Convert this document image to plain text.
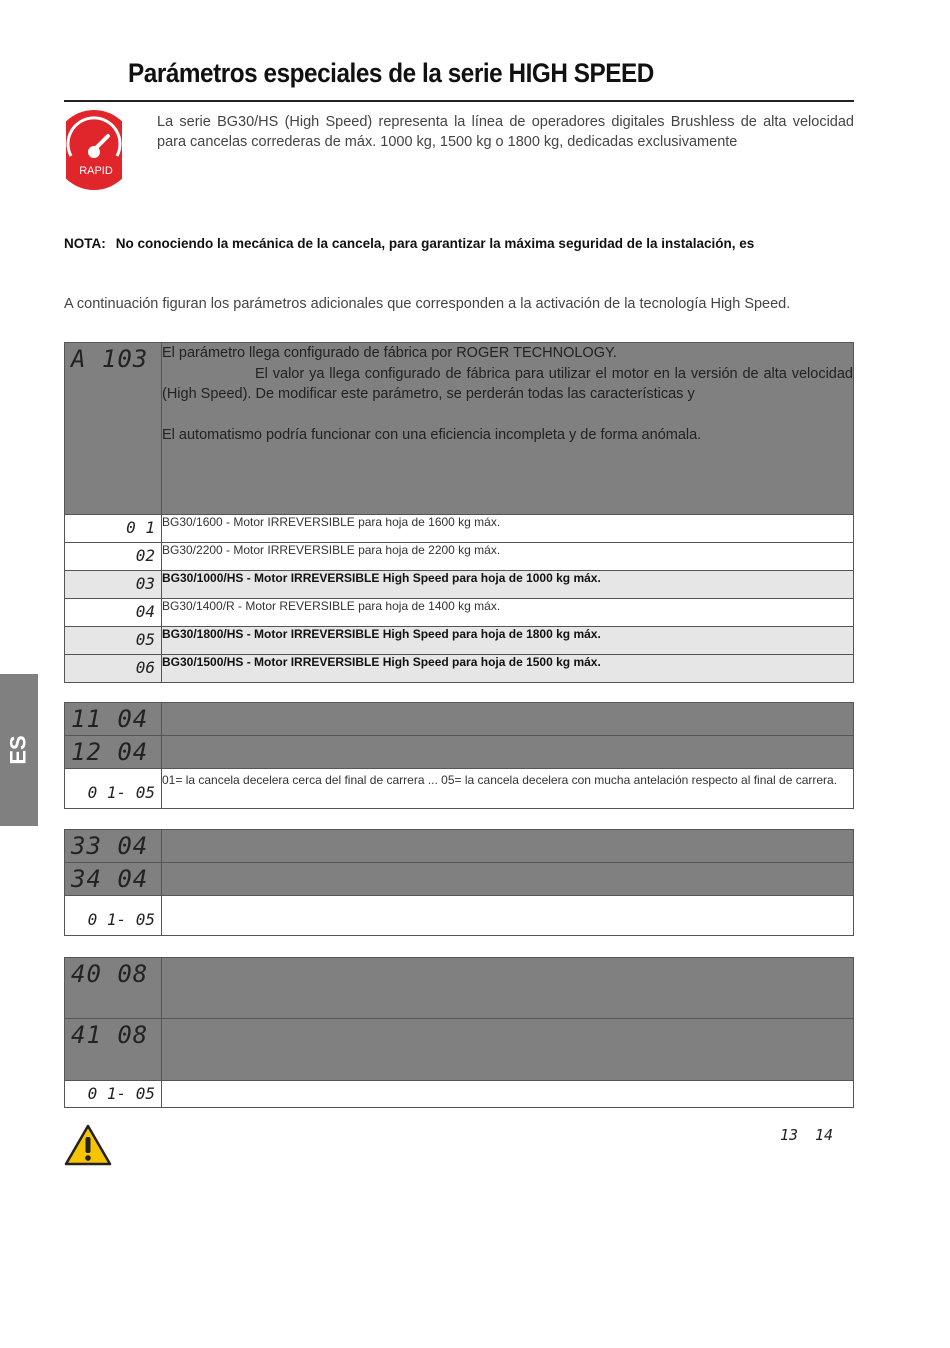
Parámetros especiales de la serie HIGH SPEED
RAPID
La serie BG30/HS (High Speed) representa la línea de operadores digitales Brushless de alta velocidad para cancelas correderas de máx. 1000 kg, 1500 kg o 1800 kg, dedicadas exclusivamente
NOTA: No conociendo la mecánica de la cancela, para garantizar la máxima seguridad de la instalación, es
A continuación figuran los parámetros adicionales que corresponden a la activación de la tecnología High Speed.
ES
A 103	El parámetro llega configurado de fábrica por ROGER TECHNOLOGY.
El valor ya llega configurado de fábrica para utilizar el motor en la versión de alta velocidad (High Speed). De modificar este parámetro, se perderán todas las características y
El automatismo podría funcionar con una eficiencia incompleta y de forma anómala.

0 1	BG30/1600 - Motor IRREVERSIBLE para hoja de 1600 kg máx.
02	BG30/2200 - Motor IRREVERSIBLE para hoja de 2200 kg máx.
03	BG30/1000/HS - Motor IRREVERSIBLE High Speed para hoja de 1000 kg máx.
04	BG30/1400/R - Motor REVERSIBLE para hoja de 1400 kg máx.
05	BG30/1800/HS - Motor IRREVERSIBLE High Speed para hoja de 1800 kg máx.
06	BG30/1500/HS - Motor IRREVERSIBLE High Speed para hoja de 1500 kg máx.
11 04	
12 04	
0 1- 05	01= la cancela decelera cerca del final de carrera ... 05= la cancela decelera con mucha antelación respecto al final de carrera.
33 04	
34 04	
0 1- 05	
40 08	
41 08	
0 1- 05	
13 14
